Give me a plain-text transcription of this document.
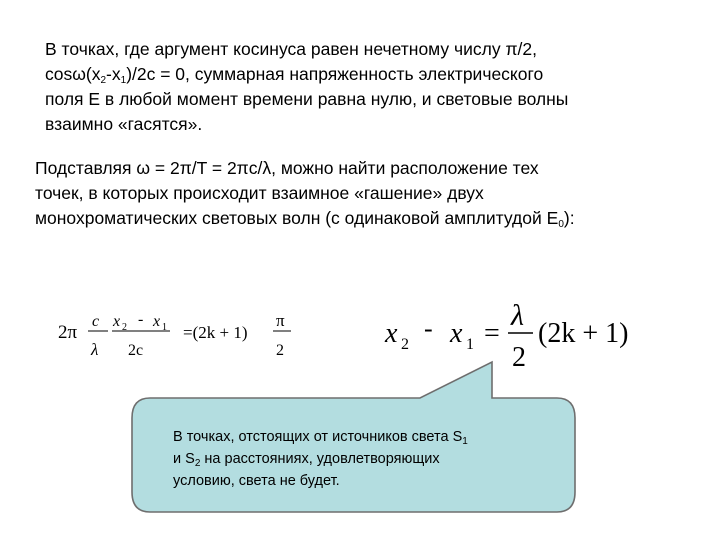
В точках, где аргумент косинуса равен нечетному числу π/2,
$\cos\omega(x_2-x_1)/2c = 0$, суммарная напряженность электрического
поля E в любой момент времени равна нулю, и световые волны
взаимно «гасятся».

Подставляя ω = 2π/T = 2πc/λ, можно найти расположение тех
точек, в которых происходит взаимное «гашение» двух
монохроматических световых волн (с одинаковой амплитудой $E_0$):

2π
c
λ
x 2 - x 1
2c
=(2k + 1)
π
2
x 2
- x 1 =
λ
2
(2k + 1)

В точках, отстоящих от источников света $S_1$
и $S_2$ на расстояниях, удовлетворяющих
условию, света не будет.
